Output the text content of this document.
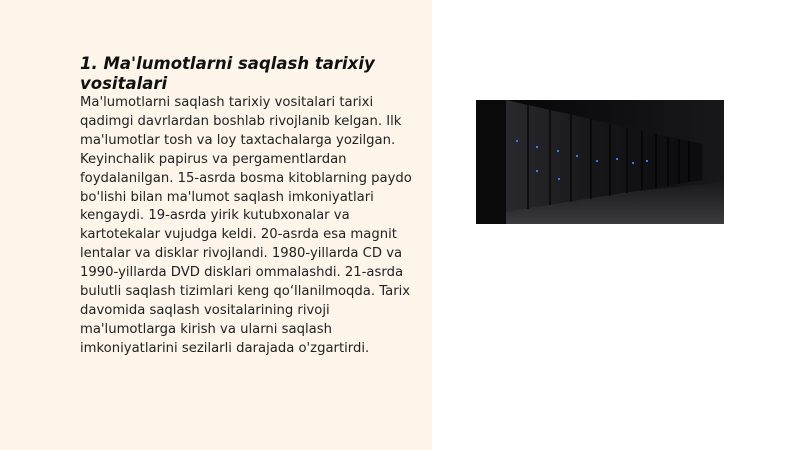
1. Ma'lumotlarni saqlash tarixiy vositalari

Ma'lumotlarni saqlash tarixiy vositalari tarixi qadimgi davrlardan boshlab rivojlanib kelgan. Ilk ma'lumotlar tosh va loy taxtachalarga yozilgan. Keyinchalik papirus va pergamentlardan foydalanilgan. 15-asrda bosma kitoblarning paydo bo'lishi bilan ma'lumot saqlash imkoniyatlari kengaydi. 19-asrda yirik kutubxonalar va kartotekalar vujudga keldi. 20-asrda esa magnit lentalar va disklar rivojlandi. 1980-yillarda CD va 1990-yillarda DVD disklari ommalashdi. 21-asrda bulutli saqlash tizimlari keng qo‘llanilmoqda. Tarix davomida saqlash vositalarining rivoji ma'lumotlarga kirish va ularni saqlash imkoniyatlarini sezilarli darajada o'zgartirdi.
